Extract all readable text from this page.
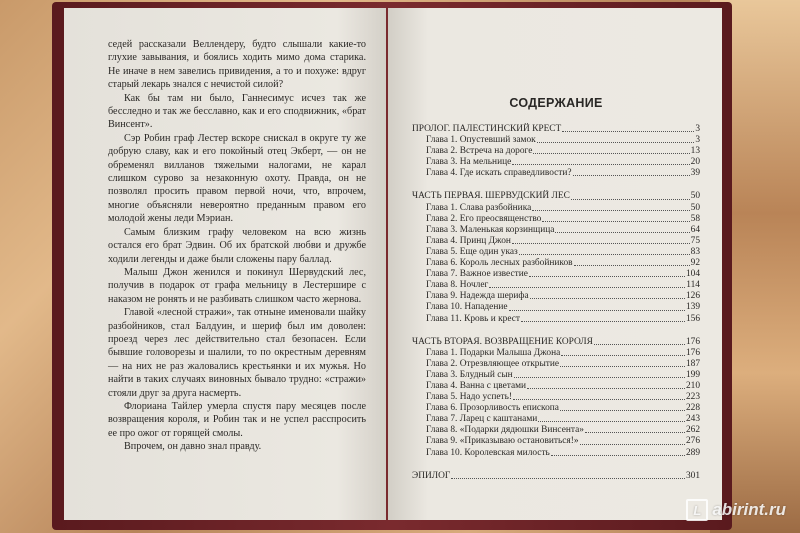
седей рассказали Веллендеру, будто слышали какие-то глухие завывания, и боялись ходить мимо дома старика. Не иначе в нем завелись привидения, а то и похуже: вдруг старый лекарь знался с нечистой силой?

Как бы там ни было, Ганнесимус исчез так же бесследно и так же бесславно, как и его сподвижник, «брат Винсент».

Сэр Робин граф Лестер вскоре снискал в округе ту же добрую славу, как и его покойный отец Экберт, — он не обременял вилланов тяжелыми налогами, не карал слишком сурово за незаконную охоту. Правда, он не позволял просить правом первой ночи, что, впрочем, многие объясняли невероятно преданным правом его молодой жены леди Мэриан.

Самым близким графу человеком на всю жизнь остался его брат Эдвин. Об их братской любви и дружбе ходили легенды и даже были сложены пару баллад.

Малыш Джон женился и покинул Шервудский лес, получив в подарок от графа мельницу в Лестершире с наказом не ронять и не разбивать слишком часто жернова.

Главой «лесной стражи», так отныне именовали шайку разбойников, стал Балдуин, и шериф был им доволен: проезд через лес действительно стал безопасен. Если бывшие головорезы и шалили, то по окрестным деревням — на них не раз жаловались крестьянки и их мужья. Но найти в таких случаях виновных бывало трудно: «стражи» стояли друг за друга насмерть.

Флориана Тайлер умерла спустя пару месяцев после возвращения короля, и Робин так и не успел расспросить ее про ожог от горящей смолы.

Впрочем, он давно знал правду.

СОДЕРЖАНИЕ
ПРОЛОГ. ПАЛЕСТИНСКИЙ КРЕСТ	3
Глава 1. Опустевший замок	3
Глава 2. Встреча на дороге	13
Глава 3. На мельнице	20
Глава 4. Где искать справедливости?	39
ЧАСТЬ ПЕРВАЯ. ШЕРВУДСКИЙ ЛЕС	50
Глава 1. Слава разбойника	50
Глава 2. Его преосвященство	58
Глава 3. Маленькая корзинщица	64
Глава 4. Принц Джон	75
Глава 5. Еще один указ	83
Глава 6. Король лесных разбойников	92
Глава 7. Важное известие	104
Глава 8. Ночлег	114
Глава 9. Надежда шерифа	126
Глава 10. Нападение	139
Глава 11. Кровь и крест	156
ЧАСТЬ ВТОРАЯ. ВОЗВРАЩЕНИЕ КОРОЛЯ	176
Глава 1. Подарки Малыша Джона	176
Глава 2. Отрезвляющее открытие	187
Глава 3. Блудный сын	199
Глава 4. Ванна с цветами	210
Глава 5. Надо успеть!	223
Глава 6. Прозорливость епископа	228
Глава 7. Ларец с каштанами	243
Глава 8. «Подарки дядюшки Винсента»	262
Глава 9. «Приказываю остановиться!»	276
Глава 10. Королевская милость	289
ЭПИЛОГ	301
L abirint.ru
